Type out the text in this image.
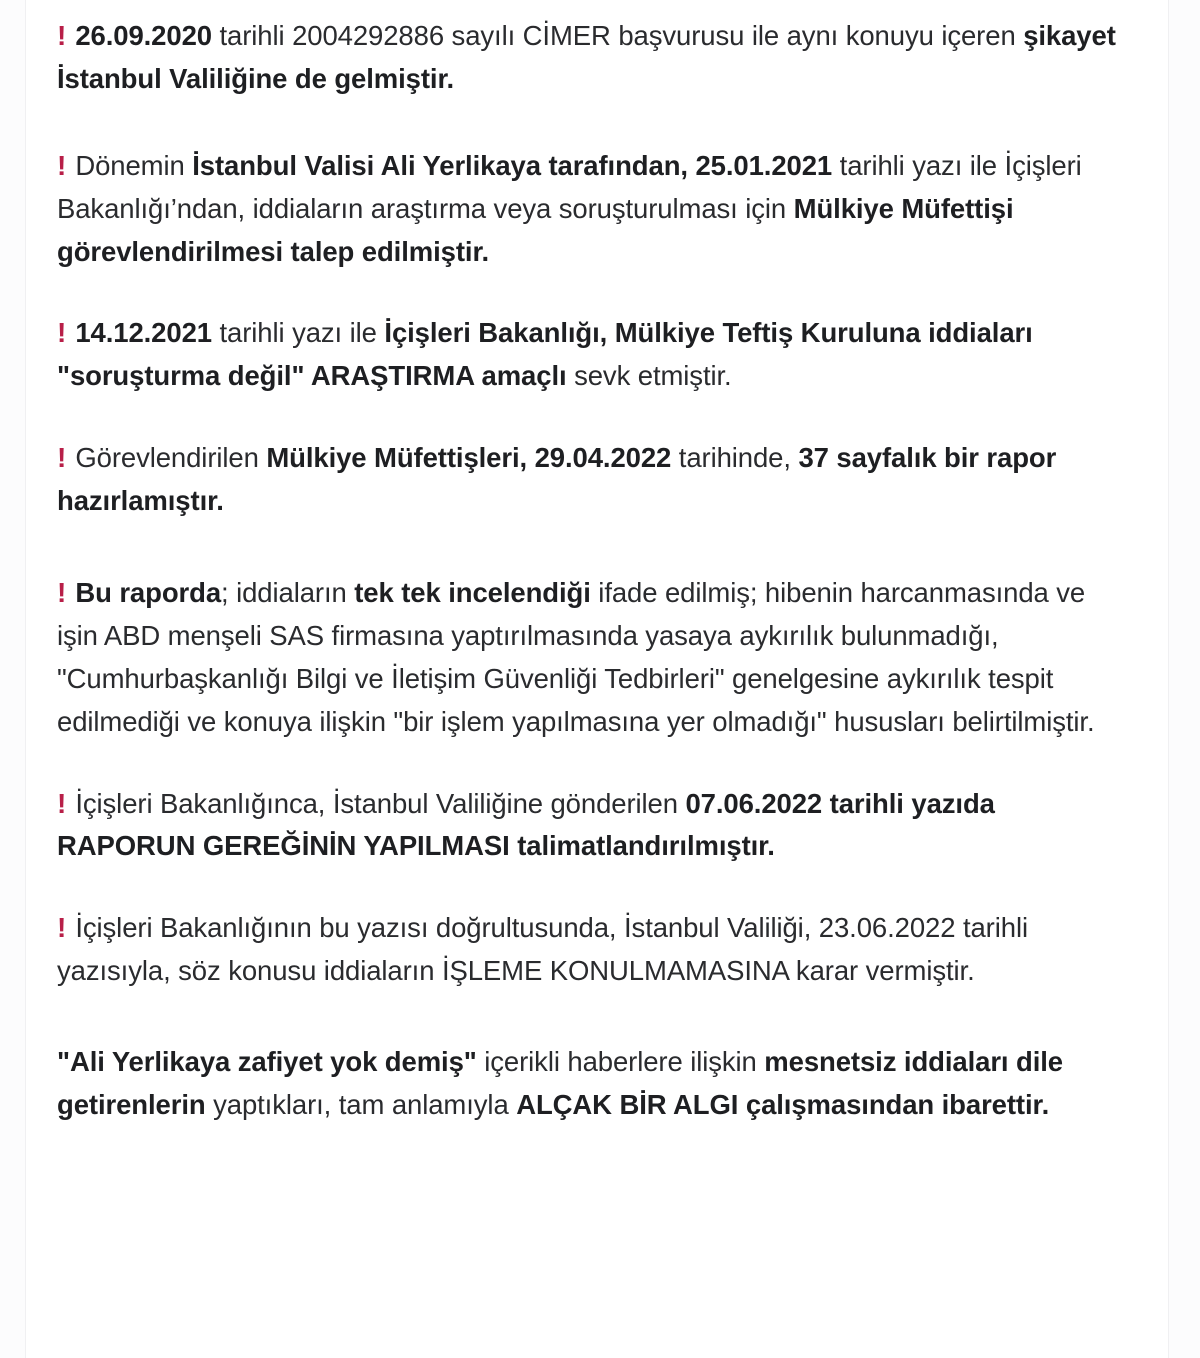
! 26.09.2020 tarihli 2004292886 sayılı CİMER başvurusu ile aynı konuyu içeren şikayet İstanbul Valiliğine de gelmiştir.

! Dönemin İstanbul Valisi Ali Yerlikaya tarafından, 25.01.2021 tarihli yazı ile İçişleri Bakanlığı’ndan, iddiaların araştırma veya soruşturulması için Mülkiye Müfettişi görevlendirilmesi talep edilmiştir.

! 14.12.2021 tarihli yazı ile İçişleri Bakanlığı, Mülkiye Teftiş Kuruluna iddiaları "soruşturma değil" ARAŞTIRMA amaçlı sevk etmiştir.

! Görevlendirilen Mülkiye Müfettişleri, 29.04.2022 tarihinde, 37 sayfalık bir rapor hazırlamıştır.

! Bu raporda; iddiaların tek tek incelendiği ifade edilmiş; hibenin harcanmasında ve işin ABD menşeli SAS firmasına yaptırılmasında yasaya aykırılık bulunmadığı, "Cumhurbaşkanlığı Bilgi ve İletişim Güvenliği Tedbirleri" genelgesine aykırılık tespit edilmediği ve konuya ilişkin "bir işlem yapılmasına yer olmadığı" hususları belirtilmiştir.

! İçişleri Bakanlığınca, İstanbul Valiliğine gönderilen 07.06.2022 tarihli yazıda RAPORUN GEREĞİNİN YAPILMASI talimatlandırılmıştır.

! İçişleri Bakanlığının bu yazısı doğrultusunda, İstanbul Valiliği, 23.06.2022 tarihli yazısıyla, söz konusu iddiaların İŞLEME KONULMAMASINA karar vermiştir.

"Ali Yerlikaya zafiyet yok demiş" içerikli haberlere ilişkin mesnetsiz iddiaları dile getirenlerin yaptıkları, tam anlamıyla ALÇAK BİR ALGI çalışmasından ibarettir.
